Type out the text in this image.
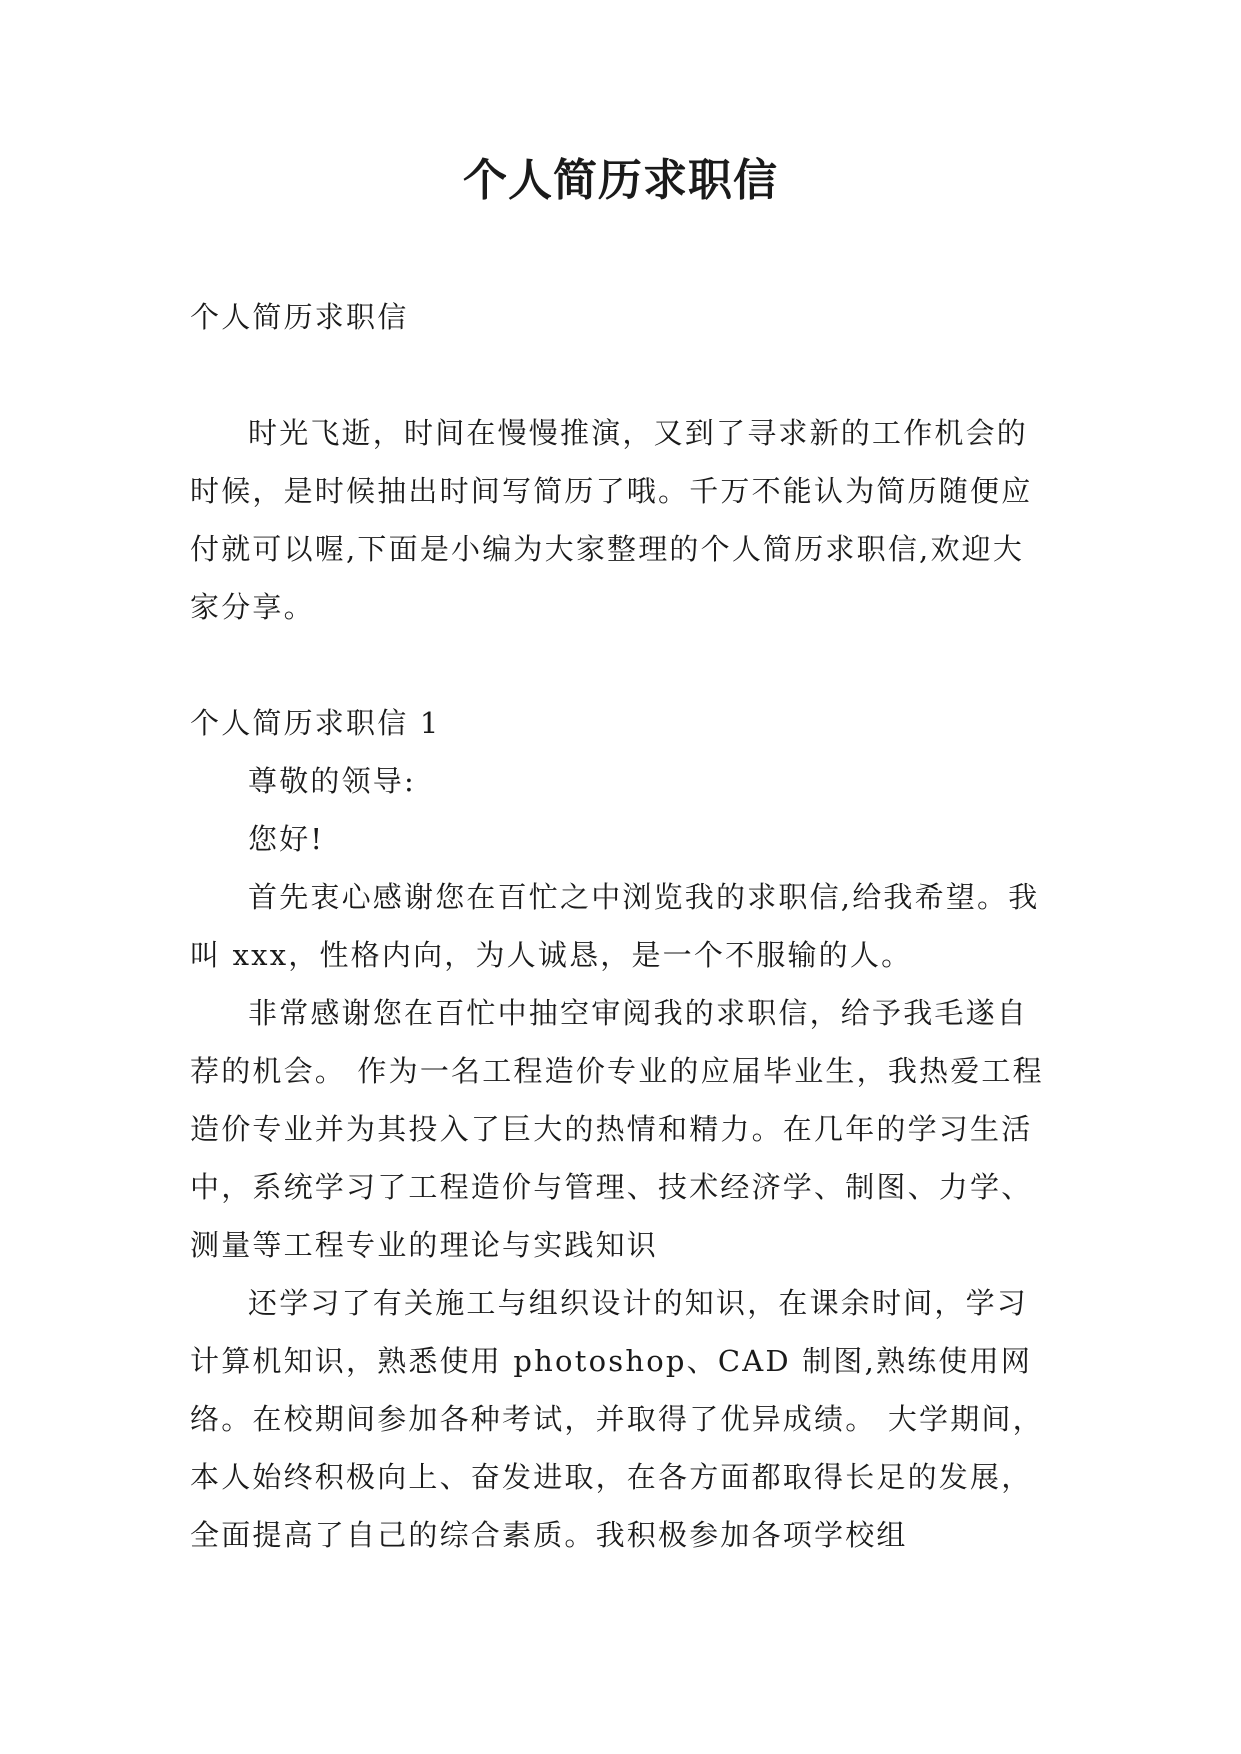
个人简历求职信

个人简历求职信

时光飞逝，时间在慢慢推演，又到了寻求新的工作机会的时候，是时候抽出时间写简历了哦。千万不能认为简历随便应付就可以喔,下面是小编为大家整理的个人简历求职信,欢迎大家分享。

个人简历求职信 1

尊敬的领导:

您好!

首先衷心感谢您在百忙之中浏览我的求职信,给我希望。我叫 xxx，性格内向，为人诚恳，是一个不服输的人。

非常感谢您在百忙中抽空审阅我的求职信，给予我毛遂自荐的机会。 作为一名工程造价专业的应届毕业生，我热爱工程造价专业并为其投入了巨大的热情和精力。在几年的学习生活中，系统学习了工程造价与管理、技术经济学、制图、力学、测量等工程专业的理论与实践知识

还学习了有关施工与组织设计的知识，在课余时间，学习计算机知识，熟悉使用 photoshop、CAD 制图,熟练使用网络。在校期间参加各种考试，并取得了优异成绩。 大学期间，本人始终积极向上、奋发进取，在各方面都取得长足的发展，全面提高了自己的综合素质。我积极参加各项学校组
